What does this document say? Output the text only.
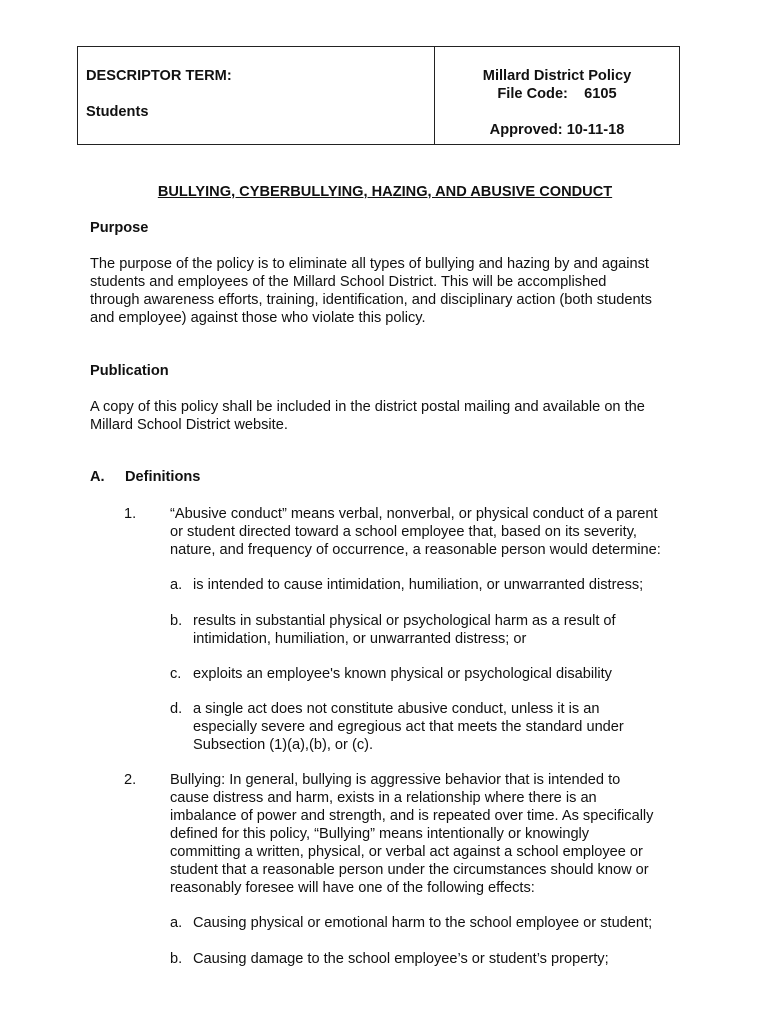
DESCRIPTOR TERM:
Students
Millard District Policy
File Code:    6105
Approved: 10-11-18
BULLYING, CYBERBULLYING, HAZING, AND ABUSIVE CONDUCT
Purpose
The purpose of the policy is to eliminate all types of bullying and hazing by and against
students and employees of the Millard School District. This will be accomplished
through awareness efforts, training, identification, and disciplinary action (both students
and employee) against those who violate this policy.
Publication
A copy of this policy shall be included in the district postal mailing and available on the
Millard School District website.
A. Definitions
1. “Abusive conduct” means verbal, nonverbal, or physical conduct of a parent
or student directed toward a school employee that, based on its severity,
nature, and frequency of occurrence, a reasonable person would determine:
a. is intended to cause intimidation, humiliation, or unwarranted distress;
b. results in substantial physical or psychological harm as a result of
intimidation, humiliation, or unwarranted distress; or
c. exploits an employee's known physical or psychological disability
d. a single act does not constitute abusive conduct, unless it is an
especially severe and egregious act that meets the standard under
Subsection (1)(a),(b), or (c).
2. Bullying: In general, bullying is aggressive behavior that is intended to
cause distress and harm, exists in a relationship where there is an
imbalance of power and strength, and is repeated over time. As specifically
defined for this policy, “Bullying” means intentionally or knowingly
committing a written, physical, or verbal act against a school employee or
student that a reasonable person under the circumstances should know or
reasonably foresee will have one of the following effects:
a. Causing physical or emotional harm to the school employee or student;
b. Causing damage to the school employee’s or student’s property;
